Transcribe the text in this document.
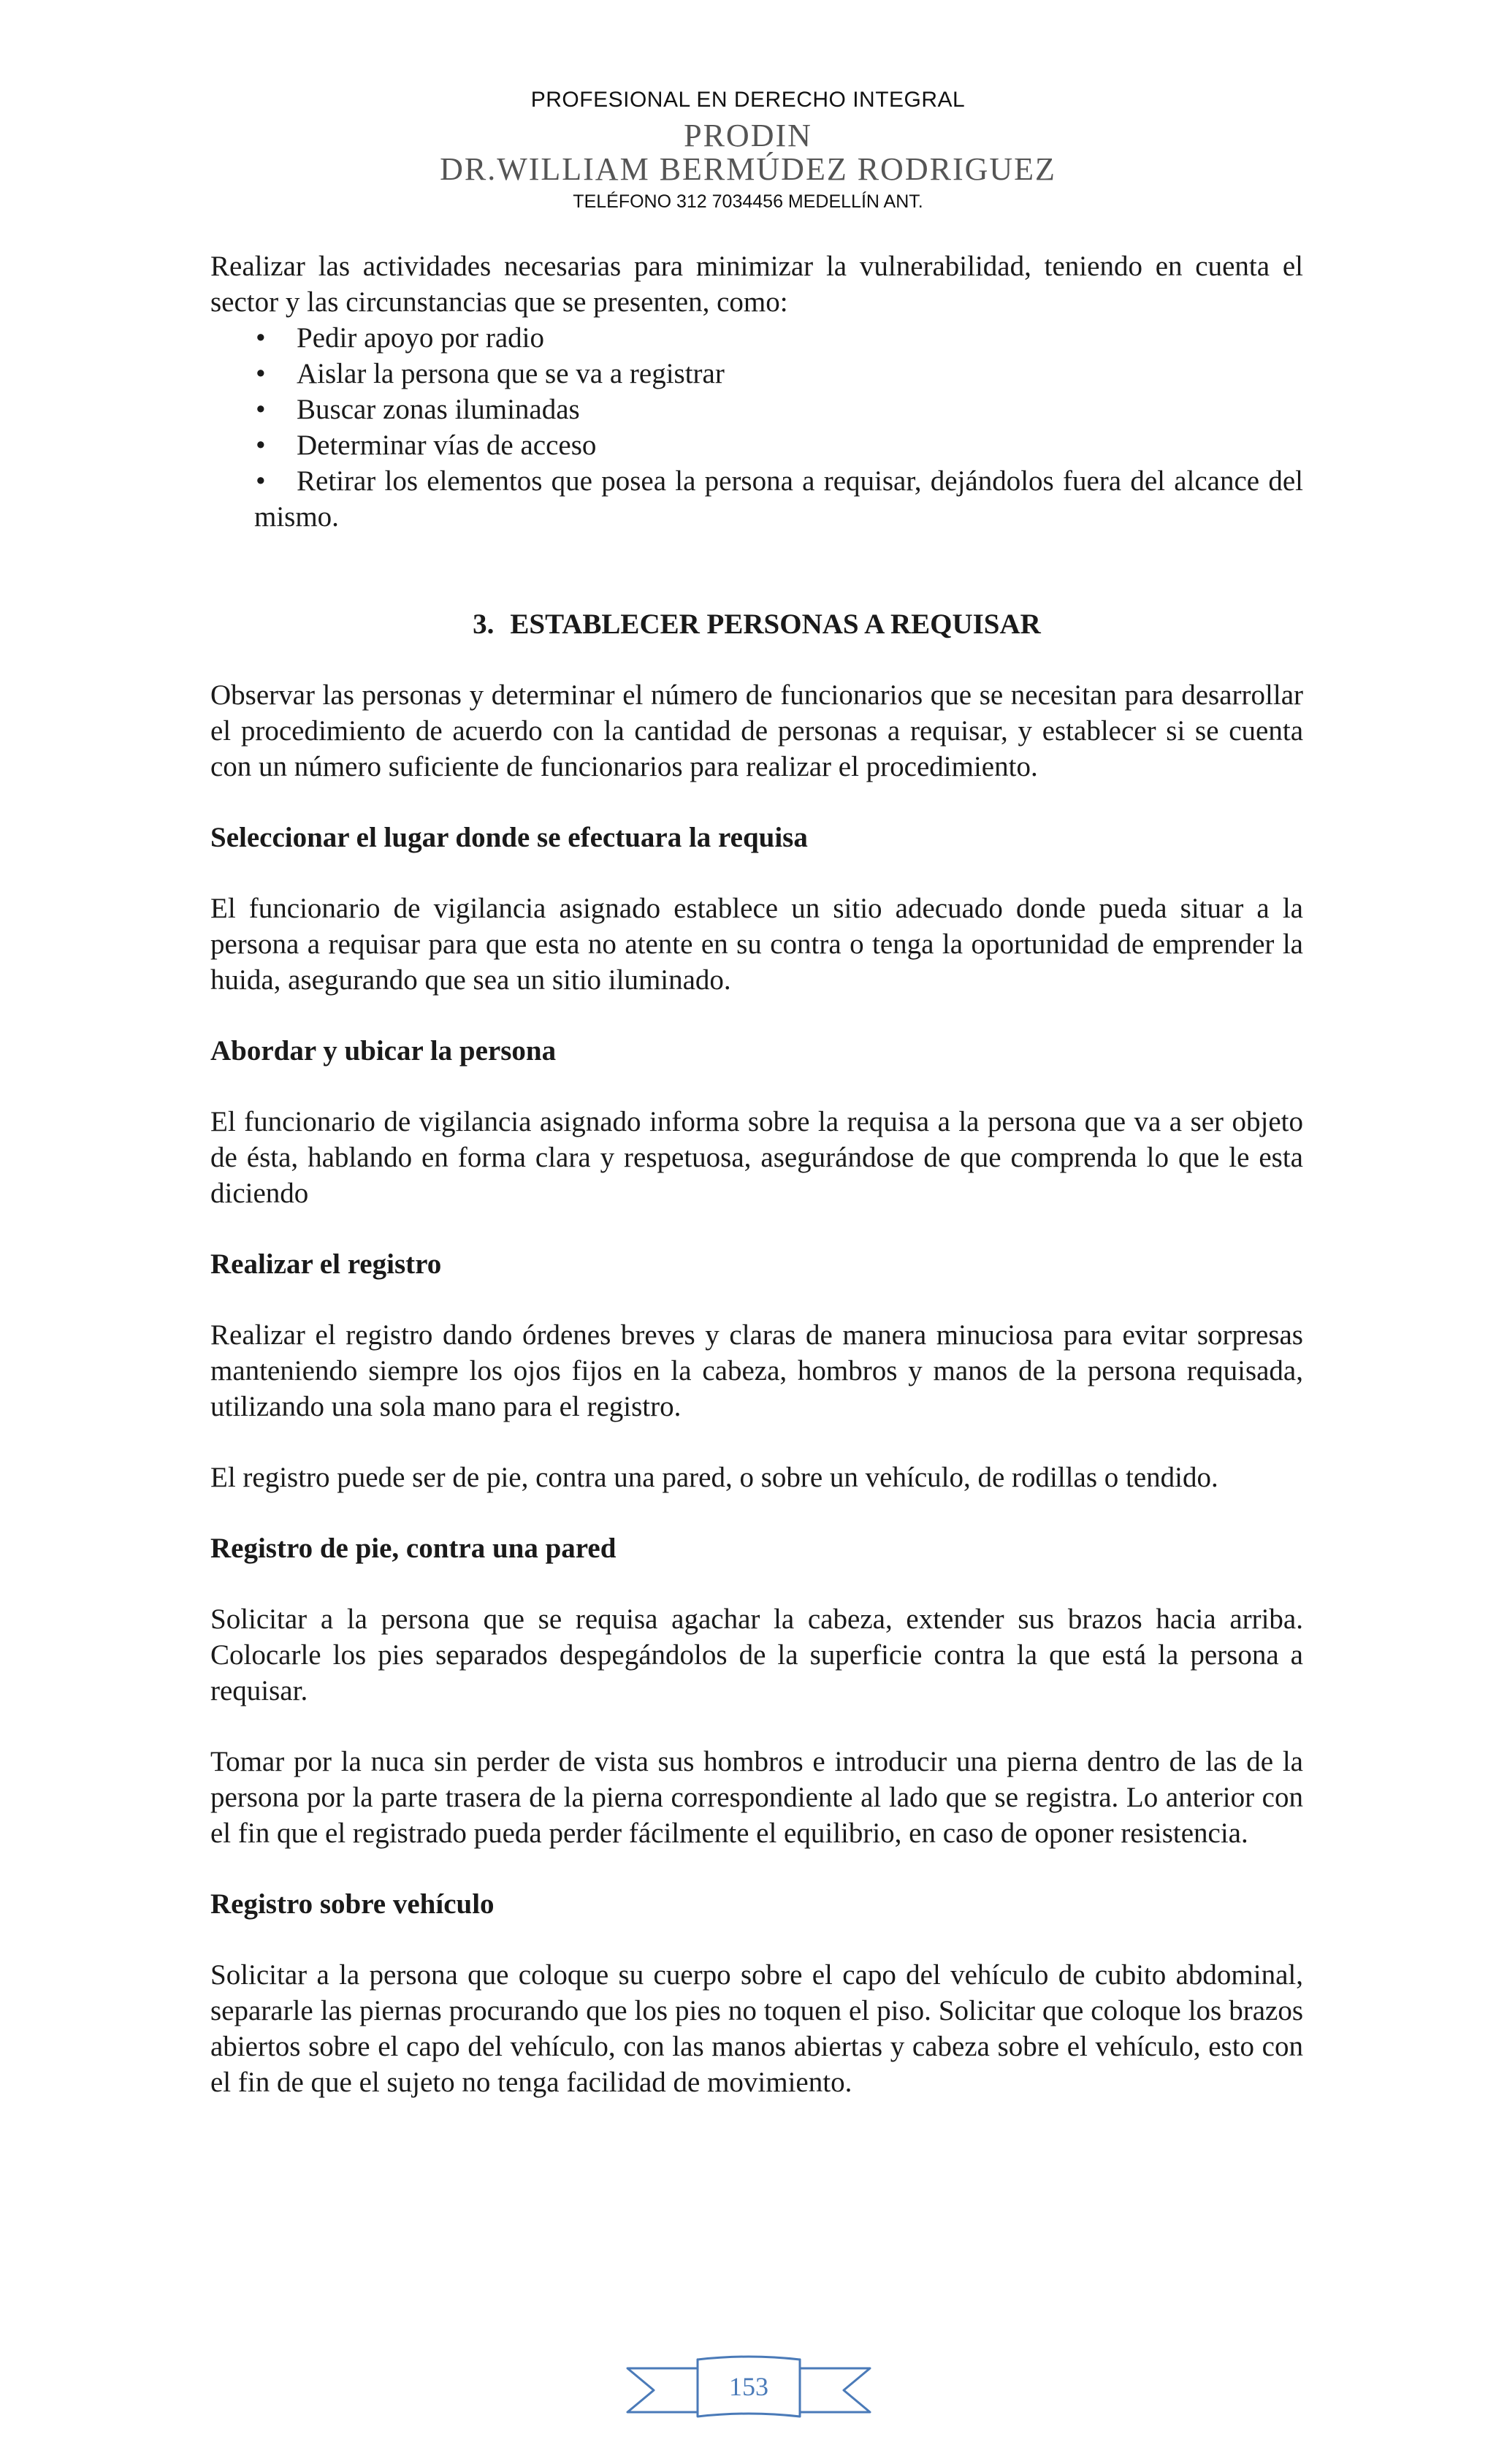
PROFESIONAL EN DERECHO INTEGRAL
PRODIN
DR.WILLIAM BERMÚDEZ RODRIGUEZ
TELÉFONO 312 7034456 MEDELLÍN ANT.

Realizar las actividades necesarias para minimizar la vulnerabilidad, teniendo en cuenta el sector y las circunstancias que se presenten, como:

• Pedir apoyo por radio
• Aislar la persona que se va a registrar
• Buscar zonas iluminadas
• Determinar vías de acceso
• Retirar los elementos que posea la persona a requisar, dejándolos fuera del alcance del mismo.
3. ESTABLECER PERSONAS A REQUISAR

Observar las personas y determinar el número de funcionarios que se necesitan para desarrollar el procedimiento de acuerdo con la cantidad de personas a requisar, y establecer si se cuenta con un número suficiente de funcionarios para realizar el procedimiento.

Seleccionar el lugar donde se efectuara la requisa

El funcionario de vigilancia asignado establece un sitio adecuado donde pueda situar a la persona a requisar para que esta no atente en su contra o tenga la oportunidad de emprender la huida, asegurando que sea un sitio iluminado.

Abordar y ubicar la persona

El funcionario de vigilancia asignado informa sobre la requisa a la persona que va a ser objeto de ésta, hablando en forma clara y respetuosa, asegurándose de que comprenda lo que le esta diciendo

Realizar el registro

Realizar el registro dando órdenes breves y claras de manera minuciosa para evitar sorpresas manteniendo siempre los ojos fijos en la cabeza, hombros y manos de la persona requisada, utilizando una sola mano para el registro.

El registro puede ser de pie, contra una pared, o sobre un vehículo, de rodillas o tendido.

Registro de pie, contra una pared

Solicitar a la persona que se requisa agachar la cabeza, extender sus brazos hacia arriba. Colocarle los pies separados despegándolos de la superficie contra la que está la persona a requisar.

Tomar por la nuca sin perder de vista sus hombros e introducir una pierna dentro de las de la persona por la parte trasera de la pierna correspondiente al lado que se registra. Lo anterior con el fin que el registrado pueda perder fácilmente el equilibrio, en caso de oponer resistencia.

Registro sobre vehículo

Solicitar a la persona que coloque su cuerpo sobre el capo del vehículo de cubito abdominal, separarle las piernas procurando que los pies no toquen el piso. Solicitar que coloque los brazos abiertos sobre el capo del vehículo, con las manos abiertas y cabeza sobre el vehículo, esto con el fin de que el sujeto no tenga facilidad de movimiento.

153
